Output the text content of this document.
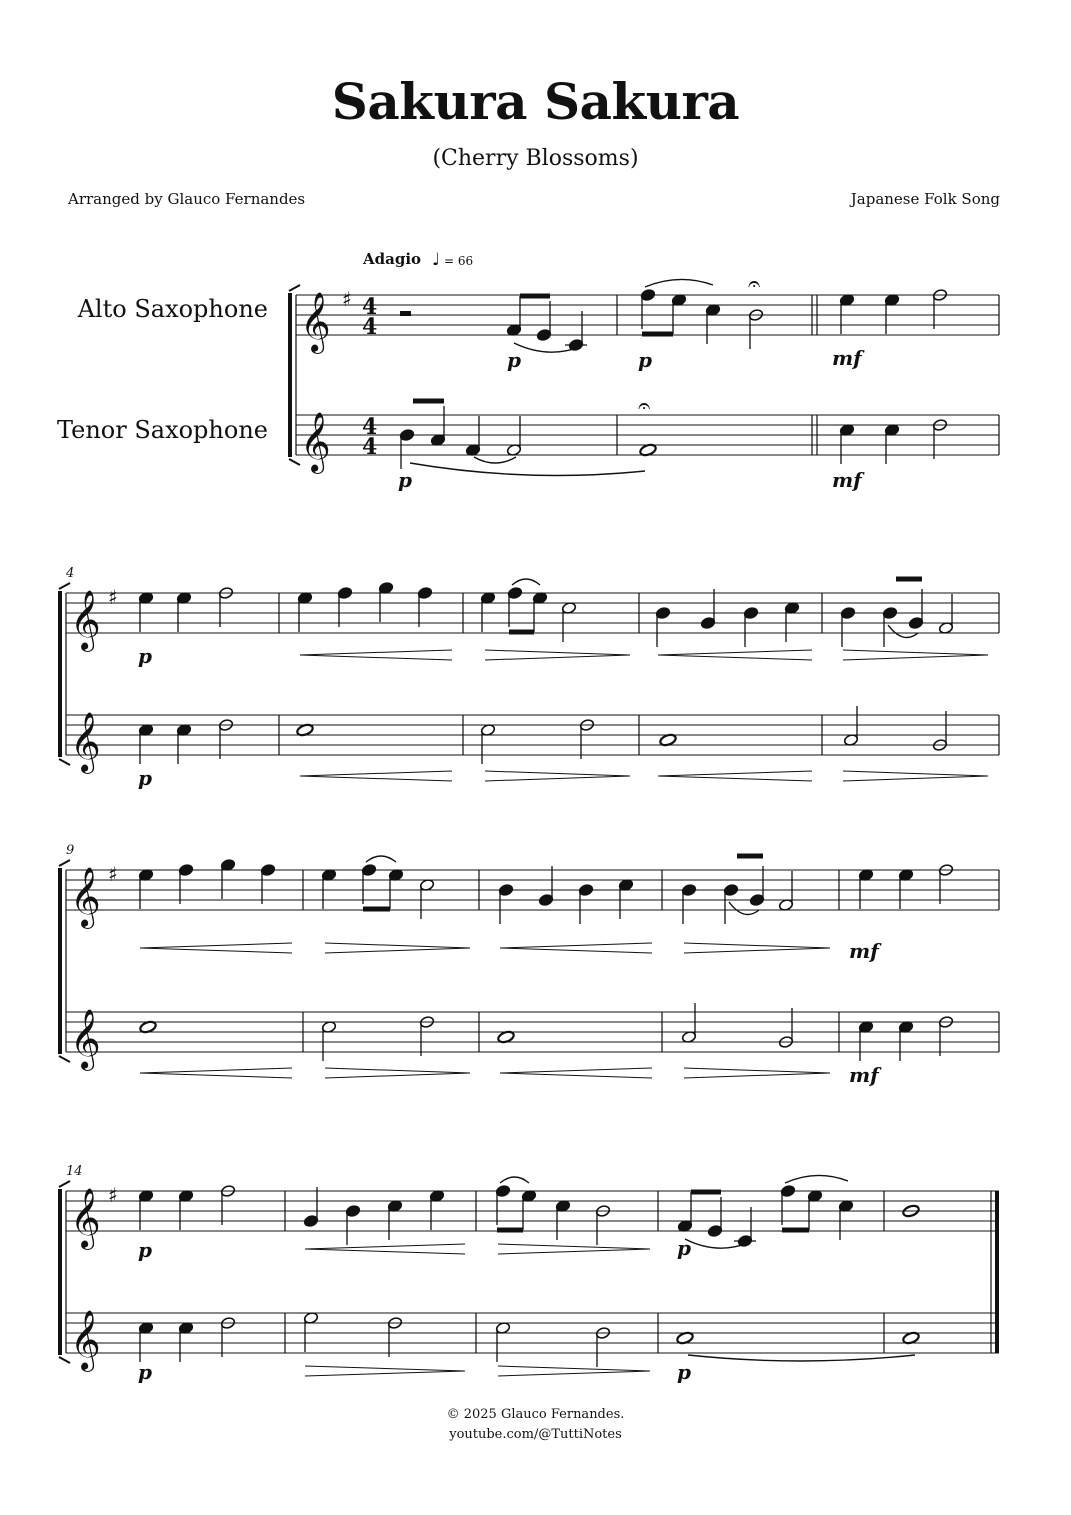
Sakura Sakura
(Cherry Blossoms)
Arranged by Glauco Fernandes	Japanese Folk Song
Adagio ♩ = 66
Alto Saxophone
Tenor Saxophone
𝄞
𝄞
♯ 4
4
4
4
p
𝄐
p	mf
p
𝄐
mf
𝄞
𝄞
4
♯
p
p
𝄞
𝄞
9
♯
mf
mf
𝄞
𝄞
14
♯
p
p
p
p
© 2025 Glauco Fernandes.
youtube.com/@TuttiNotes
